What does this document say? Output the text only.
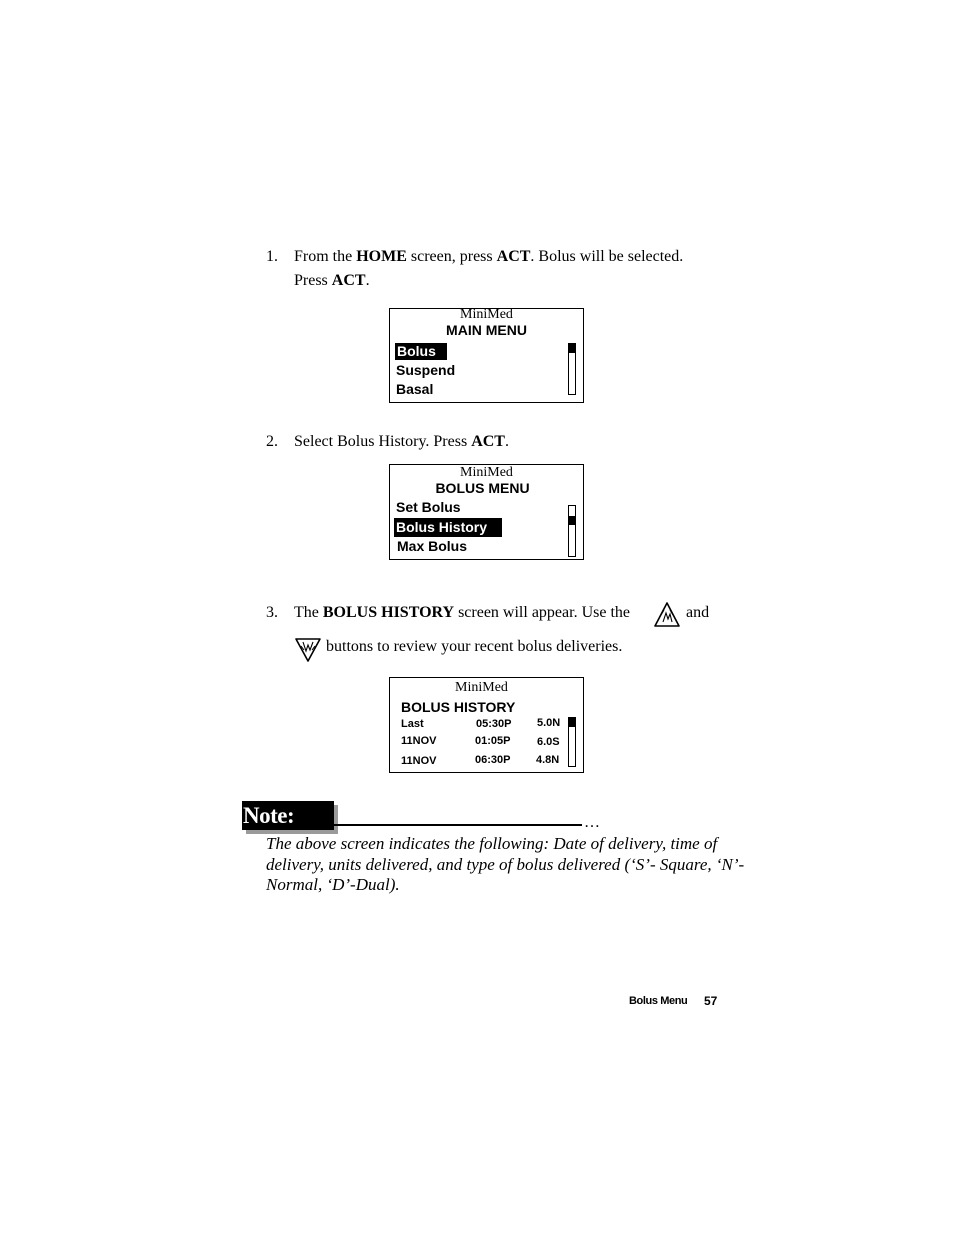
1. From the HOME screen, press ACT. Bolus will be selected.
Press ACT.
MiniMed
MAIN MENU
Bolus
Suspend
Basal
2. Select Bolus History. Press ACT.
MiniMed
BOLUS MENU
Set Bolus
Bolus History
Max Bolus
3. The BOLUS HISTORY screen will appear. Use the	and
buttons to review your recent bolus deliveries.
MiniMed
BOLUS HISTORY
Last	05:30P 5.0N
11NOV	01:05P 6.0S
11NOV	06:30P 4.8N
Note:	…
The above screen indicates the following: Date of delivery, time of delivery, units delivered, and type of bolus delivered (‘S’- Square, ‘N’-Normal, ‘D’-Dual).
Bolus Menu 57
